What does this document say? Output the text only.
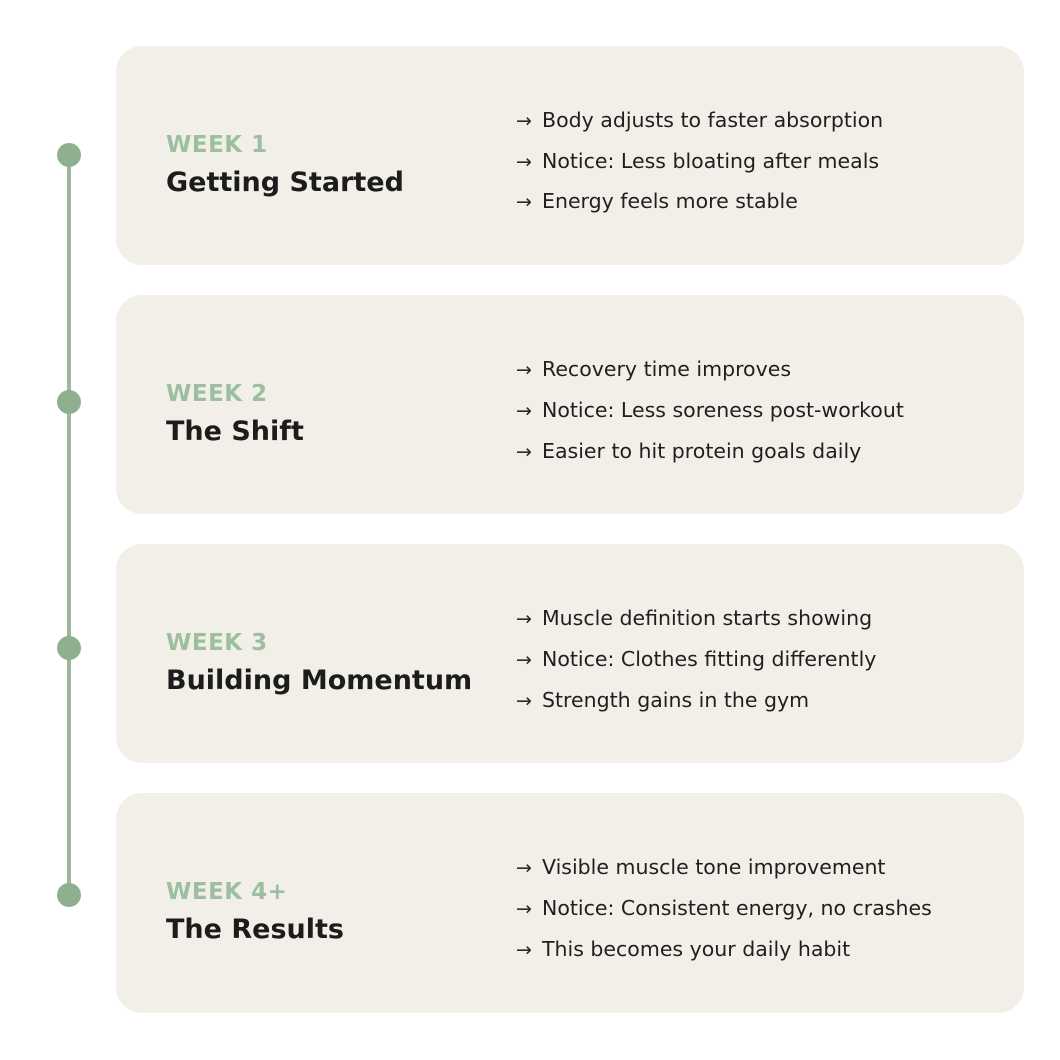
WEEK 1
Getting Started
→ Body adjusts to faster absorption
→ Notice: Less bloating after meals
→ Energy feels more stable
WEEK 2
The Shift
→ Recovery time improves
→ Notice: Less soreness post-workout
→ Easier to hit protein goals daily
WEEK 3
Building Momentum
→ Muscle definition starts showing
→ Notice: Clothes fitting differently
→ Strength gains in the gym
WEEK 4+
The Results
→ Visible muscle tone improvement
→ Notice: Consistent energy, no crashes
→ This becomes your daily habit
